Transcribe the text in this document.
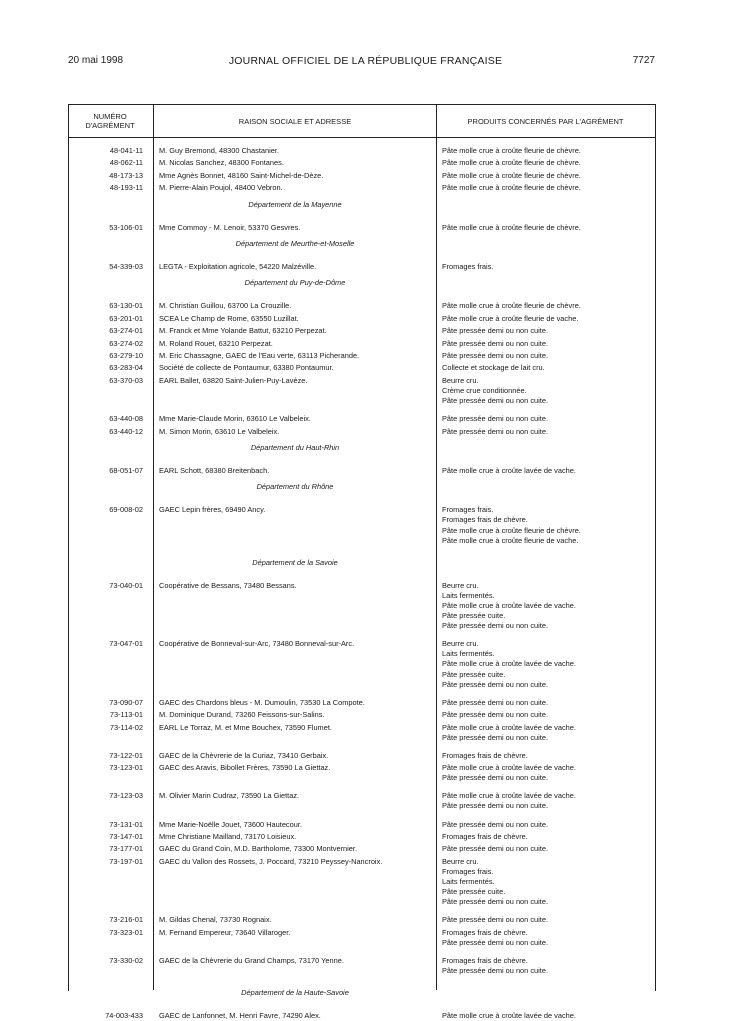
20 mai 1998	JOURNAL OFFICIEL DE LA RÉPUBLIQUE FRANÇAISE	7727
NUMÉRO D'AGRÉMENT	RAISON SOCIALE ET ADRESSE	PRODUITS CONCERNÉS PAR L'AGRÉMENT
48-041-11 M. Guy Bremond, 48300 Chastanier.	Pâte molle crue à croûte fleurie de chèvre.
48-062-11 M. Nicolas Sanchez, 48300 Fontanes.	Pâte molle crue à croûte fleurie de chèvre.
48-173-13 Mme Agnès Bonnet, 48160 Saint-Michel-de-Dèze.	Pâte molle crue à croûte fleurie de chèvre.
48-193-11 M. Pierre-Alain Poujol, 48400 Vebron.	Pâte molle crue à croûte fleurie de chèvre.
Département de la Mayenne
53-106-01 Mme Commoy - M. Lenoir, 53370 Gesvres.	Pâte molle crue à croûte fleurie de chèvre.
Département de Meurthe-et-Moselle
54-339-03 LEGTA - Exploitation agricole, 54220 Malzéville.	Fromages frais.
Département du Puy-de-Dôme
63-130-01 M. Christian Guillou, 63700 La Crouzille.	Pâte molle crue à croûte fleurie de chèvre.
63-201-01 SCEA Le Champ de Rome, 63550 Luzillat.	Pâte molle crue à croûte fleurie de vache.
63-274-01 M. Franck et Mme Yolande Battut, 63210 Perpezat.	Pâte pressée demi ou non cuite.
63-274-02 M. Roland Rouet, 63210 Perpezat.	Pâte pressée demi ou non cuite.
63-279-10 M. Eric Chassagne, GAEC de l'Eau verte, 63113 Picherande.	Pâte pressée demi ou non cuite.
63-283-04 Société de collecte de Pontaumur, 63380 Pontaumur.	Collecte et stockage de lait cru.
63-370-03 EARL Ballet, 63820 Saint-Julien-Puy-Lavèze.	Beurre cru.
Crème crue conditionnée.
Pâte pressée demi ou non cuite.
63-440-08 Mme Marie-Claude Morin, 63610 Le Valbeleix.	Pâte pressée demi ou non cuite.
63-440-12 M. Simon Morin, 63610 Le Valbeleix.	Pâte pressée demi ou non cuite.
Département du Haut-Rhin
68-051-07 EARL Schott, 68380 Breitenbach.	Pâte molle crue à croûte lavée de vache.
Département du Rhône
69-008-02 GAEC Lepin frères, 69490 Ancy.	Fromages frais.
Fromages frais de chèvre.
Pâte molle crue à croûte fleurie de chèvre.
Pâte molle crue à croûte fleurie de vache.
Département de la Savoie
73-040-01 Coopérative de Bessans, 73480 Bessans.	Beurre cru.
Laits fermentés.
Pâte molle crue à croûte lavée de vache.
Pâte pressée cuite.
Pâte pressée demi ou non cuite.
73-047-01 Coopérative de Bonneval-sur-Arc, 73480 Bonneval-sur-Arc.	Beurre cru.
Laits fermentés.
Pâte molle crue à croûte lavée de vache.
Pâte pressée cuite.
Pâte pressée demi ou non cuite.
73-090-07 GAEC des Chardons bleus - M. Dumoulin, 73530 La Compote.	Pâte pressée demi ou non cuite.
73-113-01 M. Dominique Durand, 73260 Feissons-sur-Salins.	Pâte pressée demi ou non cuite.
73-114-02 EARL Le Torraz, M. et Mme Bouchex, 73590 Flumet.	Pâte molle crue à croûte lavée de vache.
Pâte pressée demi ou non cuite.
73-122-01 GAEC de la Chèvrerie de la Curiaz, 73410 Gerbaix.	Fromages frais de chèvre.
73-123-01 GAEC des Aravis, Bibollet Frères, 73590 La Giettaz.	Pâte molle crue à croûte lavée de vache.
Pâte pressée demi ou non cuite.
73-123-03 M. Olivier Marin Cudraz, 73590 La Giettaz.	Pâte molle crue à croûte lavée de vache.
Pâte pressée demi ou non cuite.
73-131-01 Mme Marie-Noëlle Jouet, 73600 Hautecour.	Pâte pressée demi ou non cuite.
73-147-01 Mme Christiane Mailland, 73170 Loisieux.	Fromages frais de chèvre.
73-177-01 GAEC du Grand Coin, M.D. Bartholome, 73300 Montvernier.	Pâte pressée demi ou non cuite.
73-197-01 GAEC du Vallon des Rossets, J. Poccard, 73210 Peyssey-Nancroix.	Beurre cru.
Fromages frais.
Laits fermentés.
Pâte pressée cuite.
Pâte pressée demi ou non cuite.
73-216-01 M. Gildas Chenal, 73730 Rognaix.	Pâte pressée demi ou non cuite.
73-323-01 M. Fernand Empereur, 73640 Villaroger.	Fromages frais de chèvre.
Pâte pressée demi ou non cuite.
73-330-02 GAEC de la Chèvrerie du Grand Champs, 73170 Yenne.	Fromages frais de chèvre.
Pâte pressée demi ou non cuite.
Département de la Haute-Savoie
74-003-433 GAEC de Lanfonnet, M. Henri Favre, 74290 Alex.	Pâte molle crue à croûte lavée de vache.
